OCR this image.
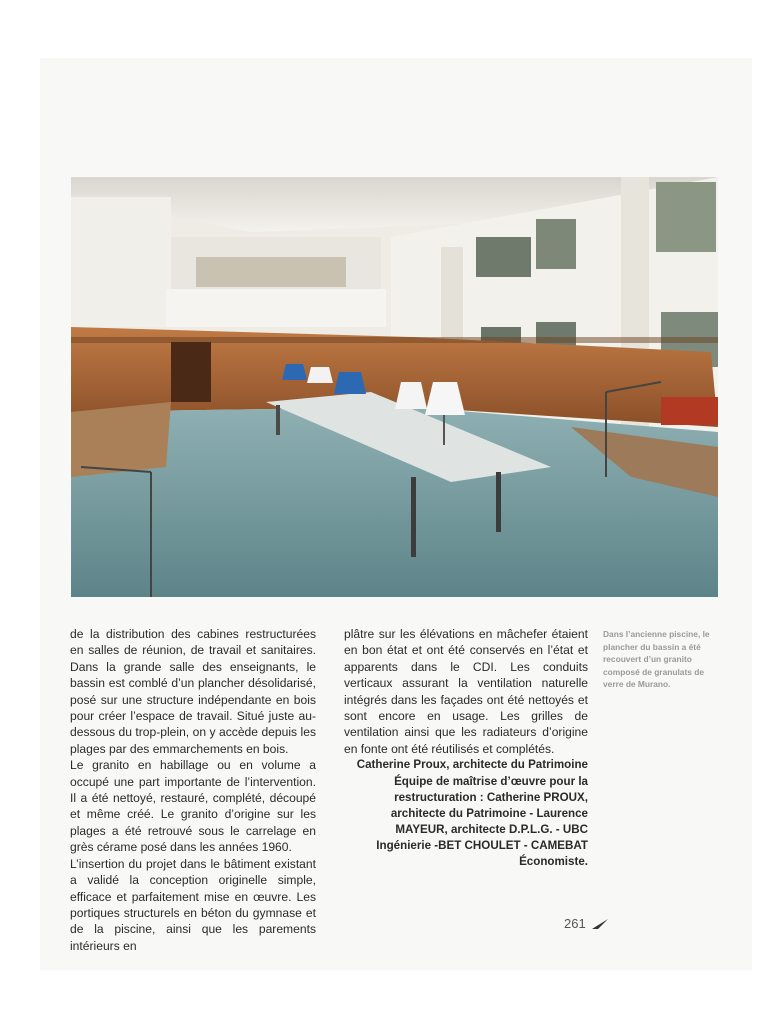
de la distribution des cabines restructurées en salles de réunion, de travail et sanitaires. Dans la grande salle des enseignants, le bassin est comblé d’un plancher désolidarisé, posé sur une structure indépendante en bois pour créer l’espace de travail. Situé juste au-dessous du trop-plein, on y accède depuis les plages par des emmarchements en bois.

Le granito en habillage ou en volume a occupé une part importante de l’intervention. Il a été nettoyé, restauré, complété, découpé et même créé. Le granito d’origine sur les plages a été retrouvé sous le carrelage en grès cérame posé dans les années 1960.

L’insertion du projet dans le bâtiment existant a validé la conception originelle simple, efficace et parfaitement mise en œuvre. Les portiques structurels en béton du gymnase et de la piscine, ainsi que les parements intérieurs en

plâtre sur les élévations en mâchefer étaient en bon état et ont été conservés en l’état et apparents dans le CDI. Les conduits verticaux assurant la ventilation naturelle intégrés dans les façades ont été nettoyés et sont encore en usage. Les grilles de ventilation ainsi que les radiateurs d’origine en fonte ont été réutilisés et complétés.

Catherine Proux, architecte du Patrimoine

Équipe de maîtrise d’œuvre pour la restructuration : Catherine PROUX, architecte du Patrimoine - Laurence MAYEUR, architecte D.P.L.G. - UBC Ingénierie -BET CHOULET - CAMEBAT Économiste.

Dans l’ancienne piscine, le plancher du bassin a été recouvert d’un granito composé de granulats de verre de Murano.
261
